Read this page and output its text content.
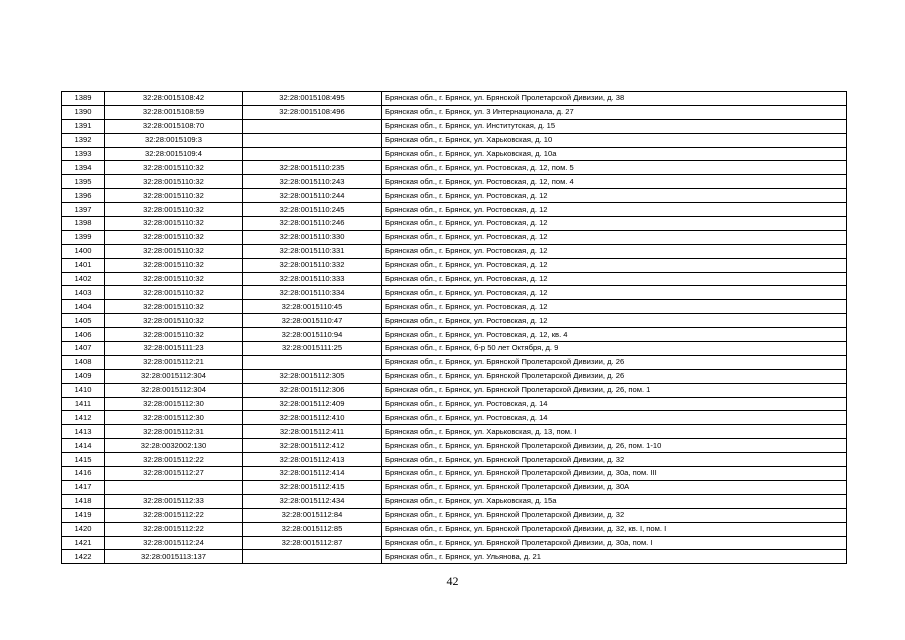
1389	32:28:0015108:42	32:28:0015108:495	Брянская обл., г. Брянск, ул. Брянской Пролетарской Дивизии, д. 38
1390	32:28:0015108:59	32:28:0015108:496	Брянская обл., г. Брянск, ул. 3 Интернационала, д. 27
1391	32:28:0015108:70		Брянская обл., г. Брянск, ул. Институтская, д. 15
1392	32:28:0015109:3		Брянская обл., г. Брянск, ул. Харьковская, д. 10
1393	32:28:0015109:4		Брянская обл., г. Брянск, ул. Харьковская, д. 10а
1394	32:28:0015110:32	32:28:0015110:235	Брянская обл., г. Брянск, ул. Ростовская, д. 12, пом. 5
1395	32:28:0015110:32	32:28:0015110:243	Брянская обл., г. Брянск, ул. Ростовская, д. 12, пом. 4
1396	32:28:0015110:32	32:28:0015110:244	Брянская обл., г. Брянск, ул. Ростовская, д. 12
1397	32:28:0015110:32	32:28:0015110:245	Брянская обл., г. Брянск, ул. Ростовская, д. 12
1398	32:28:0015110:32	32:28:0015110:246	Брянская обл., г. Брянск, ул. Ростовская, д. 12
1399	32:28:0015110:32	32:28:0015110:330	Брянская обл., г. Брянск, ул. Ростовская, д. 12
1400	32:28:0015110:32	32:28:0015110:331	Брянская обл., г. Брянск, ул. Ростовская, д. 12
1401	32:28:0015110:32	32:28:0015110:332	Брянская обл., г. Брянск, ул. Ростовская, д. 12
1402	32:28:0015110:32	32:28:0015110:333	Брянская обл., г. Брянск, ул. Ростовская, д. 12
1403	32:28:0015110:32	32:28:0015110:334	Брянская обл., г. Брянск, ул. Ростовская, д. 12
1404	32:28:0015110:32	32:28:0015110:45	Брянская обл., г. Брянск, ул. Ростовская, д. 12
1405	32:28:0015110:32	32:28:0015110:47	Брянская обл., г. Брянск, ул. Ростовская, д. 12
1406	32:28:0015110:32	32:28:0015110:94	Брянская обл., г. Брянск, ул. Ростовская, д. 12, кв. 4
1407	32:28:0015111:23	32:28:0015111:25	Брянская обл., г. Брянск, б-р 50 лет Октября, д. 9
1408	32:28:0015112:21		Брянская обл., г. Брянск, ул. Брянской Пролетарской Дивизии, д. 26
1409	32:28:0015112:304	32:28:0015112:305	Брянская обл., г. Брянск, ул. Брянской Пролетарской Дивизии, д. 26
1410	32:28:0015112:304	32:28:0015112:306	Брянская обл., г. Брянск, ул. Брянской Пролетарской Дивизии, д. 26, пом. 1
1411	32:28:0015112:30	32:28:0015112:409	Брянская обл., г. Брянск, ул. Ростовская, д. 14
1412	32:28:0015112:30	32:28:0015112:410	Брянская обл., г. Брянск, ул. Ростовская, д. 14
1413	32:28:0015112:31	32:28:0015112:411	Брянская обл., г. Брянск, ул. Харьковская, д. 13, пом. I
1414	32:28:0032002:130	32:28:0015112:412	Брянская обл., г. Брянск, ул. Брянской Пролетарской Дивизии, д. 26, пом. 1-10
1415	32:28:0015112:22	32:28:0015112:413	Брянская обл., г. Брянск, ул. Брянской Пролетарской Дивизии, д. 32
1416	32:28:0015112:27	32:28:0015112:414	Брянская обл., г. Брянск, ул. Брянской Пролетарской Дивизии, д. 30а, пом. III
1417		32:28:0015112:415	Брянская обл., г. Брянск, ул. Брянской Пролетарской Дивизии, д. 30А
1418	32:28:0015112:33	32:28:0015112:434	Брянская обл., г. Брянск, ул. Харьковская, д. 15а
1419	32:28:0015112:22	32:28:0015112:84	Брянская обл., г. Брянск, ул. Брянской Пролетарской Дивизии, д. 32
1420	32:28:0015112:22	32:28:0015112:85	Брянская обл., г. Брянск, ул. Брянской Пролетарской Дивизии, д. 32, кв. I, пом. I
1421	32:28:0015112:24	32:28:0015112:87	Брянская обл., г. Брянск, ул. Брянской Пролетарской Дивизии, д. 30а, пом. I
1422	32:28:0015113:137		Брянская обл., г. Брянск, ул. Ульянова, д. 21
42
